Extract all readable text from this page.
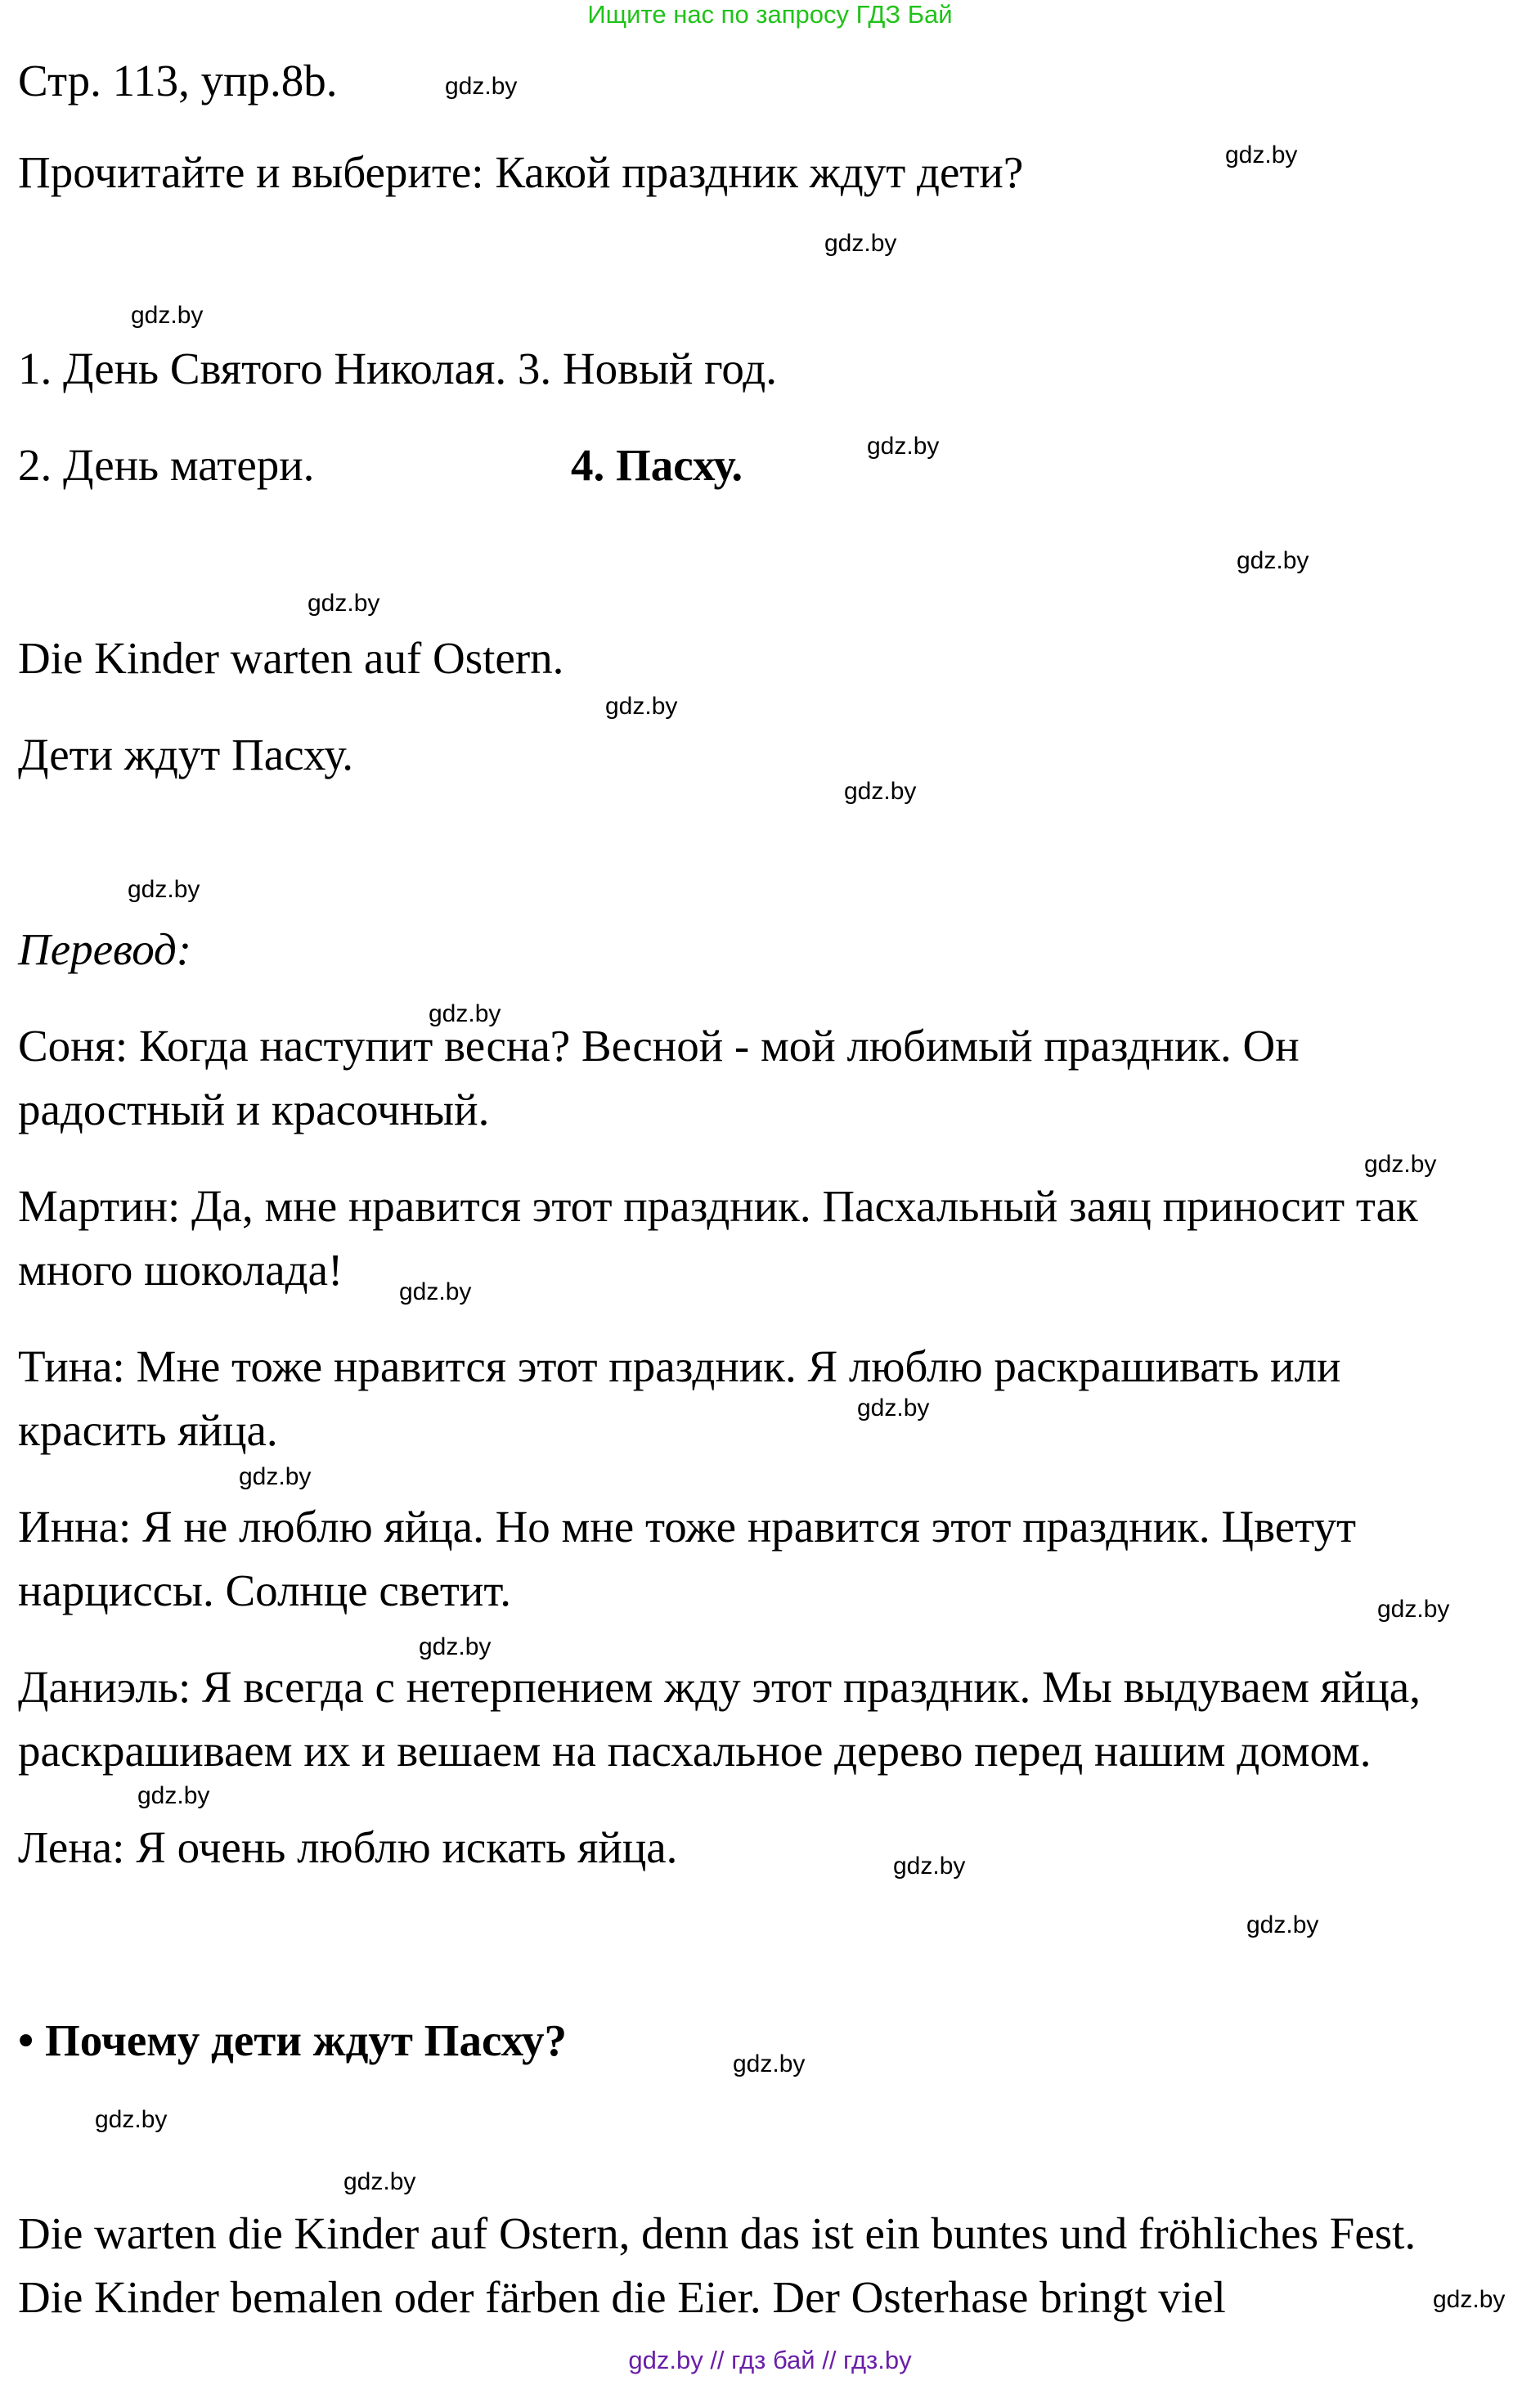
Ищите нас по запросу ГДЗ Бай
Стр. 113, упр.8b.
Прочитайте и выберите: Какой праздник ждут дети?
1. День Святого Николая. 3. Новый год.
2. День матери.	4. Пасху.
Die Kinder warten auf Ostern.
Дети ждут Пасху.
Перевод:
Соня: Когда наступит весна? Весной - мой любимый праздник. Он
радостный и красочный.
Мартин: Да, мне нравится этот праздник. Пасхальный заяц приносит так
много шоколада!
Тина: Мне тоже нравится этот праздник. Я люблю раскрашивать или
красить яйца.
Инна: Я не люблю яйца. Но мне тоже нравится этот праздник. Цветут
нарциссы. Солнце светит.
Даниэль: Я всегда с нетерпением жду этот праздник. Мы выдуваем яйца,
раскрашиваем их и вешаем на пасхальное дерево перед нашим домом.
Лена: Я очень люблю искать яйца.
• Почему дети ждут Пасху?
Die warten die Kinder auf Ostern, denn das ist ein buntes und fröhliches Fest.
Die Kinder bemalen oder färben die Eier. Der Osterhase bringt viel
gdz.by
gdz.by
gdz.by
gdz.by
gdz.by
gdz.by
gdz.by
gdz.by
gdz.by
gdz.by
gdz.by
gdz.by
gdz.by
gdz.by
gdz.by
gdz.by
gdz.by
gdz.by
gdz.by
gdz.by
gdz.by
gdz.by
gdz.by
gdz.by
gdz.by // гдз бай // гдз.by
